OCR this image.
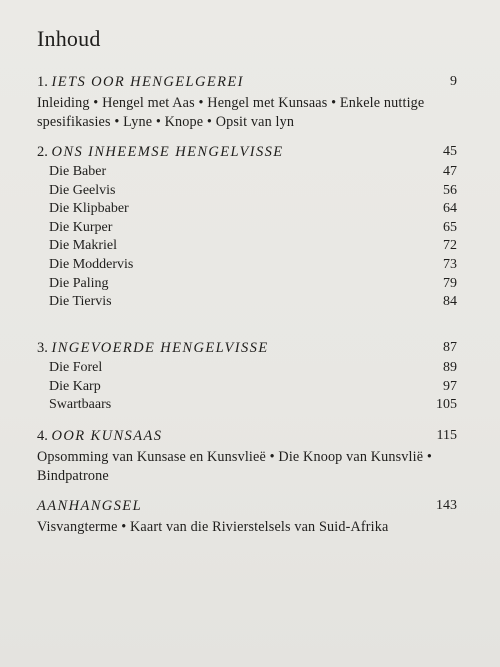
Inhoud
1. IETS OOR HENGELGEREI	9
Inleiding • Hengel met Aas • Hengel met Kunsaas • Enkele nuttige spesifikasies • Lyne • Knope • Opsit van lyn
2. ONS INHEEMSE HENGELVISSE	45
Die Baber	47
Die Geelvis	56
Die Klipbaber	64
Die Kurper	65
Die Makriel	72
Die Moddervis	73
Die Paling	79
Die Tiervis	84
3. INGEVOERDE HENGELVISSE	87
Die Forel	89
Die Karp	97
Swartbaars	105
4. OOR KUNSAAS	115
Opsomming van Kunsase en Kunsvlieë • Die Knoop van Kunsvlië • Bindpatrone
AANHANGSEL	143
Visvangterme • Kaart van die Rivierstelsels van Suid-Afrika
